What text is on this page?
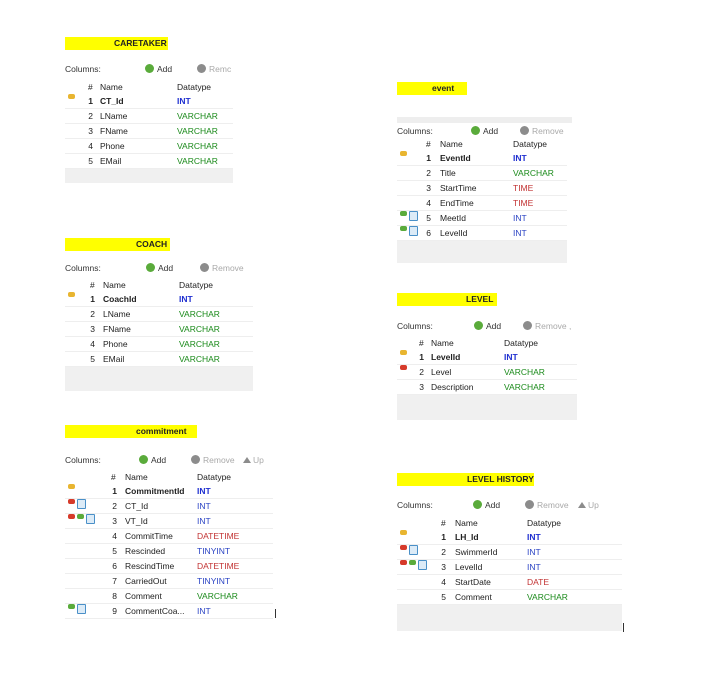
CARETAKER
Columns:	Add	Remc
# Name	Datatype
1 CT_Id	INT
2 LName	VARCHAR
3 FName	VARCHAR
4 Phone	VARCHAR
5 EMail	VARCHAR
COACH
Columns:	Add	Remove
# Name	Datatype
1 CoachId	INT
2 LName	VARCHAR
3 FName	VARCHAR
4 Phone	VARCHAR
5 EMail	VARCHAR
commitment
Columns:	Add	Remove	Up
# Name	Datatype
1 CommitmentId INT
2 CT_Id	INT
3 VT_Id	INT
4 CommitTime	DATETIME
5 Rescinded	TINYINT
6 RescindTime	DATETIME
7 CarriedOut	TINYINT
8 Comment	VARCHAR
9 CommentCoa... INT
event
Columns:	Add	Remove
# Name	Datatype
1 EventId	INT
2 Title	VARCHAR
3 StartTime	TIME
4 EndTime	TIME
5 MeetId	INT
6 LevelId	INT
LEVEL
Columns:	Add	Remove ,
# Name	Datatype
1 LevelId	INT
2 Level	VARCHAR
3 Description	VARCHAR
LEVEL HISTORY
Columns:	Add	Remove	Up
# Name	Datatype
1 LH_Id	INT
2 SwimmerId	INT
3 LevelId	INT
4 StartDate	DATE
5 Comment	VARCHAR
